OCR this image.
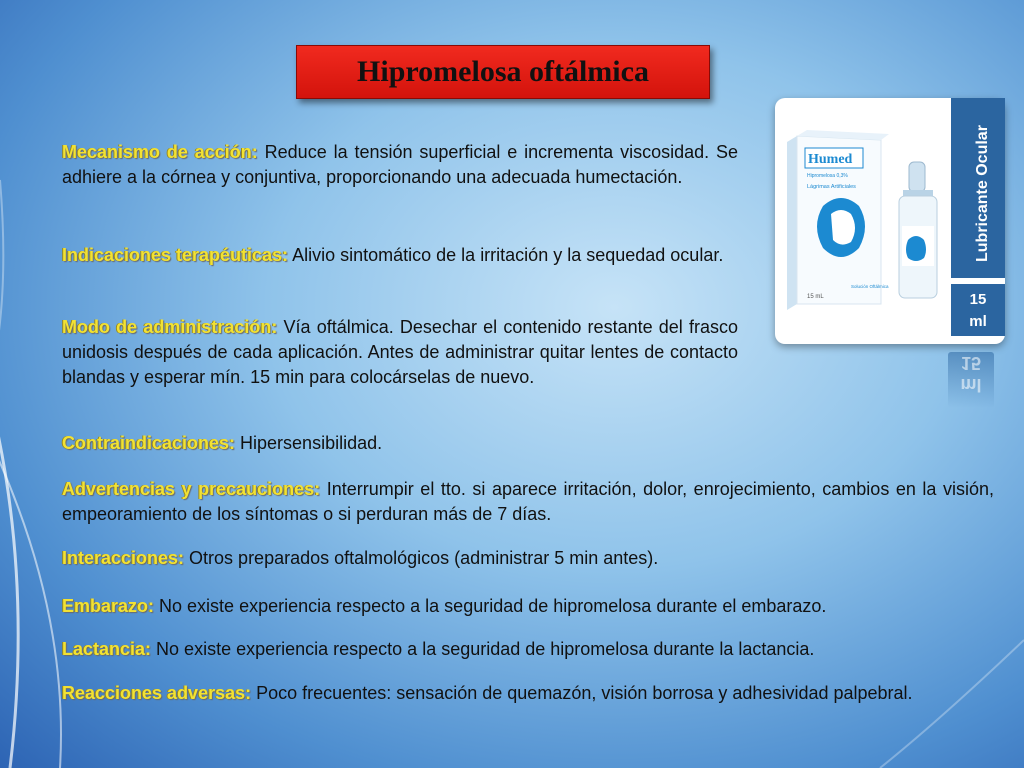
Hipromelosa oftálmica

Mecanismo de acción: Reduce la tensión superficial e incrementa viscosidad. Se adhiere a la córnea y conjuntiva, proporcionando una adecuada humectación.

Indicaciones terapéuticas: Alivio sintomático de la irritación y la sequedad ocular.

Modo de administración: Vía oftálmica. Desechar el contenido restante del frasco unidosis después de cada aplicación. Antes de administrar quitar lentes de contacto blandas y esperar mín. 15 min para colocárselas de nuevo.

Contraindicaciones: Hipersensibilidad.

Advertencias y precauciones: Interrumpir el tto. si aparece irritación, dolor, enrojecimiento, cambios en la visión, empeoramiento de los síntomas o si perduran más de 7 días.

Interacciones: Otros preparados oftalmológicos (administrar 5 min antes).

Embarazo: No existe experiencia respecto a la seguridad de hipromelosa durante el embarazo.

Lactancia: No existe experiencia respecto a la seguridad de hipromelosa durante la lactancia.

Reacciones adversas: Poco frecuentes: sensación de quemazón, visión borrosa y adhesividad palpebral.

Humed
Hipromelosa 0,3%
Lágrimas Artificiales
15 mL
Solución Oftálmica
Lubricante Ocular
15
ml
ml
15
